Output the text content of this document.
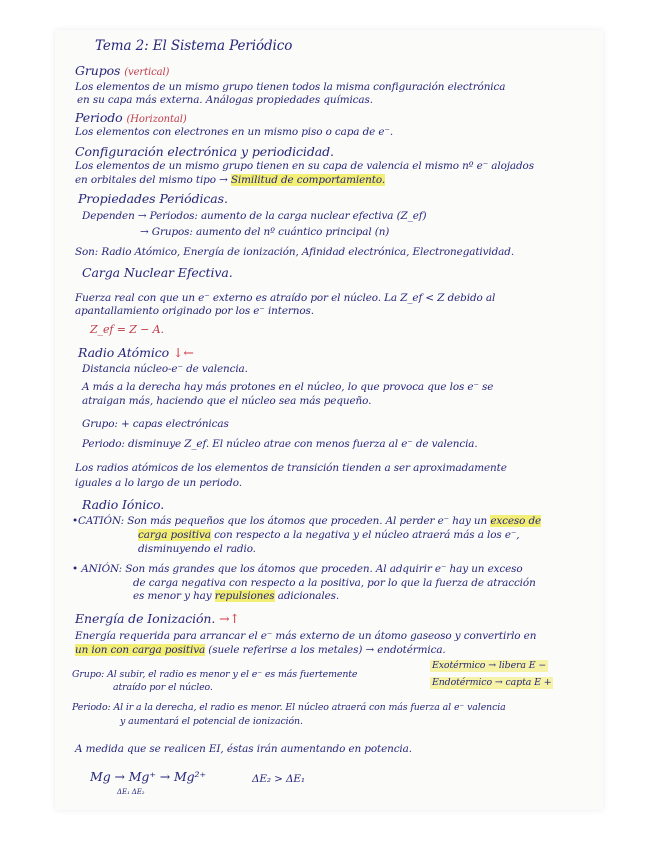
Tema 2: El Sistema Periódico
Grupos (vertical)
Los elementos de un mismo grupo tienen todos la misma configuración electrónica
en su capa más externa. Análogas propiedades químicas.
Periodo (Horizontal)
Los elementos con electrones en un mismo piso o capa de e⁻.
Configuración electrónica y periodicidad.
Los elementos de un mismo grupo tienen en su capa de valencia el mismo nº e⁻ alojados
en orbitales del mismo tipo → Similitud de comportamiento.
Propiedades Periódicas.
Dependen → Periodos: aumento de la carga nuclear efectiva (Z_ef)
→ Grupos: aumento del nº cuántico principal (n)
Son: Radio Atómico, Energía de ionización, Afinidad electrónica, Electronegatividad.
Carga Nuclear Efectiva.
Fuerza real con que un e⁻ externo es atraído por el núcleo. La Z_ef < Z debido al
apantallamiento originado por los e⁻ internos.
Z_ef = Z − A.
Radio Atómico ↓←
Distancia núcleo-e⁻ de valencia.
A más a la derecha hay más protones en el núcleo, lo que provoca que los e⁻ se
atraigan más, haciendo que el núcleo sea más pequeño.
Grupo: + capas electrónicas
Periodo: disminuye Z_ef. El núcleo atrae con menos fuerza al e⁻ de valencia.
Los radios atómicos de los elementos de transición tienden a ser aproximadamente
iguales a lo largo de un periodo.
Radio Iónico.
•CATIÓN: Son más pequeños que los átomos que proceden. Al perder e⁻ hay un exceso de
carga positiva con respecto a la negativa y el núcleo atraerá más a los e⁻,
disminuyendo el radio.
• ANIÓN: Son más grandes que los átomos que proceden. Al adquirir e⁻ hay un exceso
de carga negativa con respecto a la positiva, por lo que la fuerza de atracción
es menor y hay repulsiones adicionales.
Energía de Ionización. →↑
Energía requerida para arrancar el e⁻ más externo de un átomo gaseoso y convertirlo en
un ion con carga positiva (suele referirse a los metales) → endotérmica.
Grupo: Al subir, el radio es menor y el e⁻ es más fuertemente
atraído por el núcleo.
Exotérmico → libera E −
Endotérmico → capta E +
Periodo: Al ir a la derecha, el radio es menor. El núcleo atraerá con más fuerza al e⁻ valencia
y aumentará el potencial de ionización.
A medida que se realicen EI, éstas irán aumentando en potencia.
Mg → Mg⁺ → Mg²⁺
ΔE₁ ΔE₂
ΔE₂ > ΔE₁
